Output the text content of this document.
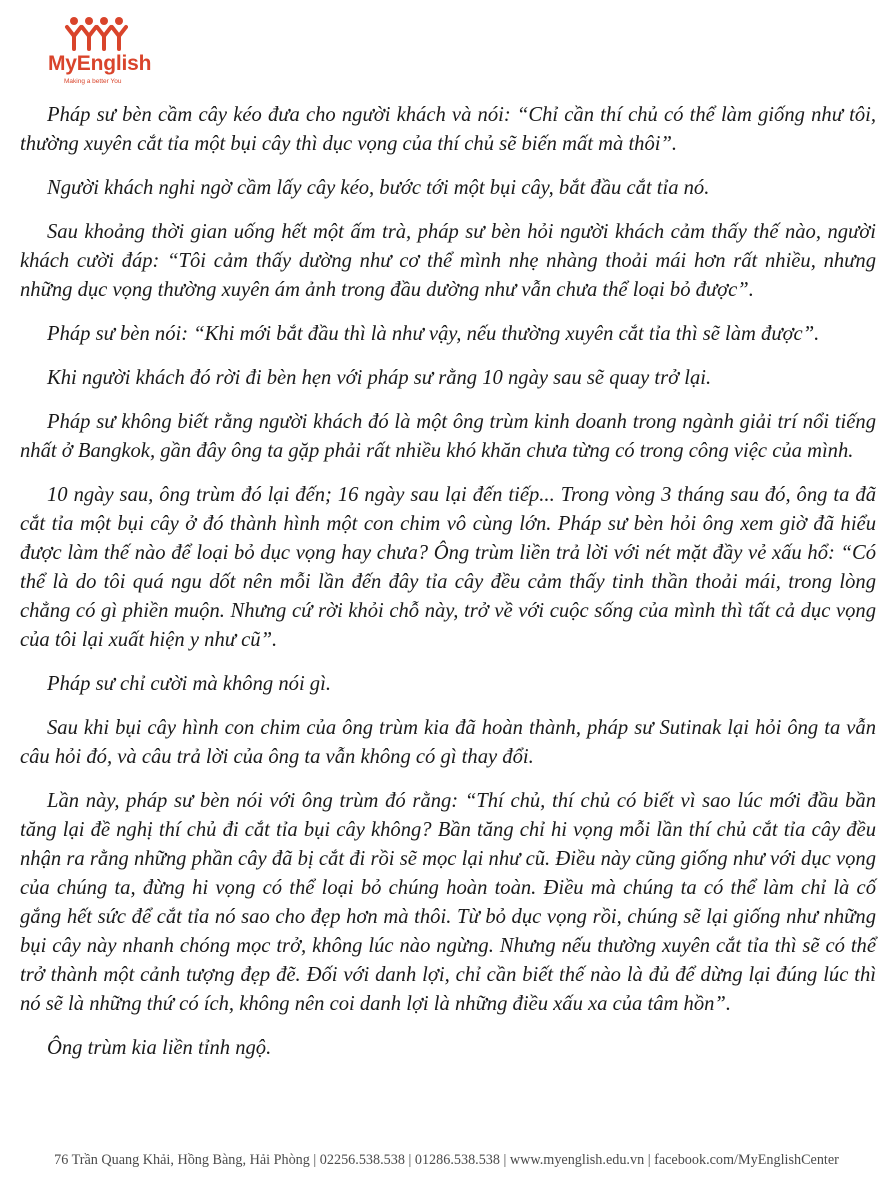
MyEnglish
Making a better You

Pháp sư bèn cầm cây kéo đưa cho người khách và nói: “Chỉ cần thí chủ có thể làm giống như tôi, thường xuyên cắt tỉa một bụi cây thì dục vọng của thí chủ sẽ biến mất mà thôi”.

Người khách nghi ngờ cầm lấy cây kéo, bước tới một bụi cây, bắt đầu cắt tỉa nó.

Sau khoảng thời gian uống hết một ấm trà, pháp sư bèn hỏi người khách cảm thấy thế nào, người khách cười đáp: “Tôi cảm thấy dường như cơ thể mình nhẹ nhàng thoải mái hơn rất nhiều, nhưng những dục vọng thường xuyên ám ảnh trong đầu dường như vẫn chưa thể loại bỏ được”.

Pháp sư bèn nói: “Khi mới bắt đầu thì là như vậy, nếu thường xuyên cắt tỉa thì sẽ làm được”.

Khi người khách đó rời đi bèn hẹn với pháp sư rằng 10 ngày sau sẽ quay trở lại.

Pháp sư không biết rằng người khách đó là một ông trùm kinh doanh trong ngành giải trí nổi tiếng nhất ở Bangkok, gần đây ông ta gặp phải rất nhiều khó khăn chưa từng có trong công việc của mình.

10 ngày sau, ông trùm đó lại đến; 16 ngày sau lại đến tiếp... Trong vòng 3 tháng sau đó, ông ta đã cắt tỉa một bụi cây ở đó thành hình một con chim vô cùng lớn. Pháp sư bèn hỏi ông xem giờ đã hiểu được làm thế nào để loại bỏ dục vọng hay chưa? Ông trùm liền trả lời với nét mặt đầy vẻ xấu hổ: “Có thể là do tôi quá ngu dốt nên mỗi lần đến đây tỉa cây đều cảm thấy tinh thần thoải mái, trong lòng chẳng có gì phiền muộn. Nhưng cứ rời khỏi chỗ này, trở về với cuộc sống của mình thì tất cả dục vọng của tôi lại xuất hiện y như cũ”.

Pháp sư chỉ cười mà không nói gì.

Sau khi bụi cây hình con chim của ông trùm kia đã hoàn thành, pháp sư Sutinak lại hỏi ông ta vẫn câu hỏi đó, và câu trả lời của ông ta vẫn không có gì thay đổi.

Lần này, pháp sư bèn nói với ông trùm đó rằng: “Thí chủ, thí chủ có biết vì sao lúc mới đầu bần tăng lại đề nghị thí chủ đi cắt tỉa bụi cây không? Bần tăng chỉ hi vọng mỗi lần thí chủ cắt tỉa cây đều nhận ra rằng những phần cây đã bị cắt đi rồi sẽ mọc lại như cũ. Điều này cũng giống như với dục vọng của chúng ta, đừng hi vọng có thể loại bỏ chúng hoàn toàn. Điều mà chúng ta có thể làm chỉ là cố gắng hết sức để cắt tỉa nó sao cho đẹp hơn mà thôi. Từ bỏ dục vọng rồi, chúng sẽ lại giống như những bụi cây này nhanh chóng mọc trở, không lúc nào ngừng. Nhưng nếu thường xuyên cắt tỉa thì sẽ có thể trở thành một cảnh tượng đẹp đẽ. Đối với danh lợi, chỉ cần biết thế nào là đủ để dừng lại đúng lúc thì nó sẽ là những thứ có ích, không nên coi danh lợi là những điều xấu xa của tâm hồn”.

Ông trùm kia liền tỉnh ngộ.

76 Trần Quang Khải, Hồng Bàng, Hải Phòng | 02256.538.538 | 01286.538.538 | www.myenglish.edu.vn | facebook.com/MyEnglishCenter
